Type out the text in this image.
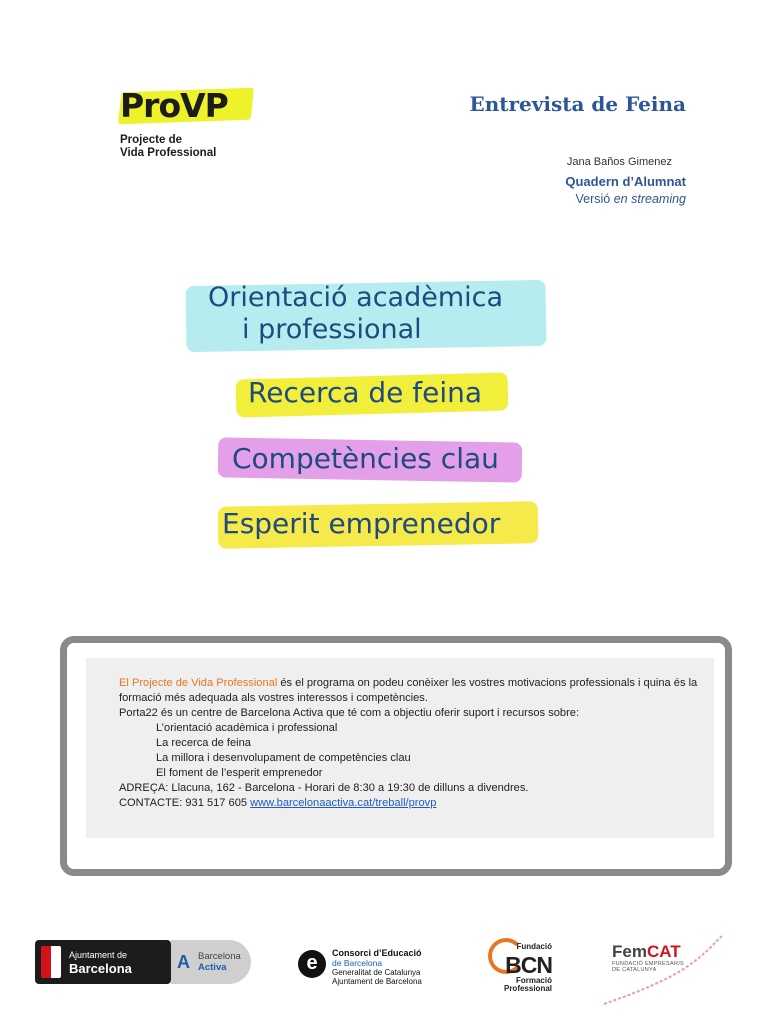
ProVP
Projecte de
Vida Professional
Entrevista de Feina
Jana Baños Gimenez
Quadern d’Alumnat
Versió en streaming
Orientació acadèmica
i professional
Recerca de feina
Competències clau
Esperit emprenedor

El Projecte de Vida Professional és el programa on podeu conèixer les vostres motivacions professionals i quina és la formació més adequada als vostres interessos i competències.

Porta22 és un centre de Barcelona Activa que té com a objectiu oferir suport i recursos sobre:

L’orientació acadèmica i professional

La recerca de feina

La millora i desenvolupament de competències clau

El foment de l’esperit emprenedor

ADREÇA: Llacuna, 162 - Barcelona - Horari de 8:30 a 19:30 de dilluns a divendres.

CONTACTE: 931 517 605 www.barcelonaactiva.cat/treball/provp

Ajuntament de
Barcelona	A Barcelona
Activa	e	Consorci d’Educació
de Barcelona
Generalitat de Catalunya
Ajuntament de Barcelona
Fundació
BCN
Formació
Professional
FemCAT
FUNDACIÓ EMPRESARIS
DE CATALUNYA
